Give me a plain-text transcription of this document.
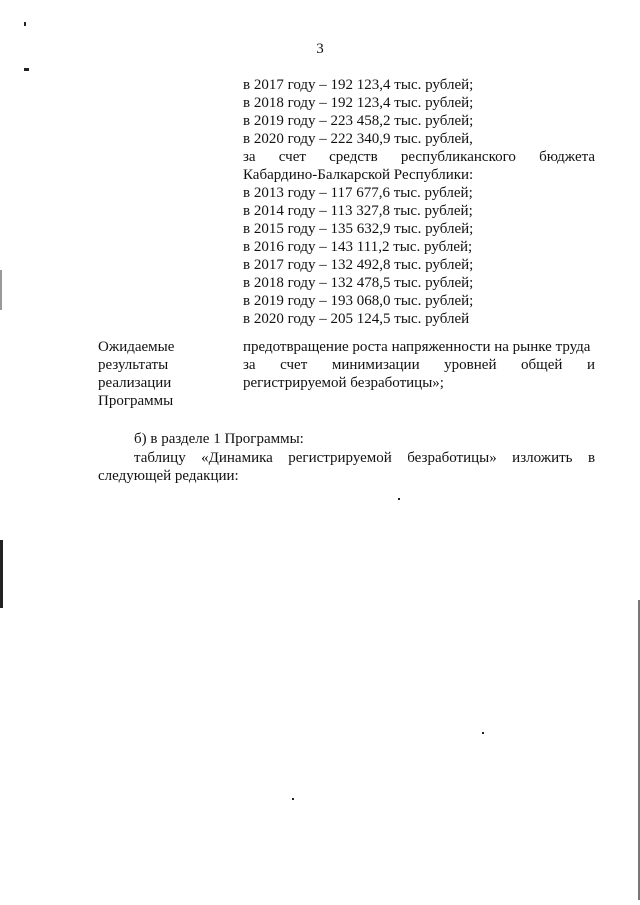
3
в 2017 году – 192 123,4 тыс. рублей;
в 2018 году – 192 123,4 тыс. рублей;
в 2019 году – 223 458,2 тыс. рублей;
в 2020 году – 222 340,9 тыс. рублей,
за счет средств республиканского бюджета
Кабардино-Балкарской Республики:
в 2013 году – 117 677,6 тыс. рублей;
в 2014 году – 113 327,8 тыс. рублей;
в 2015 году – 135 632,9 тыс. рублей;
в 2016 году – 143 111,2 тыс. рублей;
в 2017 году – 132 492,8 тыс. рублей;
в 2018 году – 132 478,5 тыс. рублей;
в 2019 году – 193 068,0 тыс. рублей;
в 2020 году – 205 124,5 тыс. рублей
Ожидаемые
результаты
реализации
Программы
предотвращение роста напряженности на рынке труда
за счет минимизации уровней общей и
регистрируемой безработицы»;
б) в разделе 1 Программы:
таблицу «Динамика регистрируемой безработицы» изложить в
следующей редакции:
